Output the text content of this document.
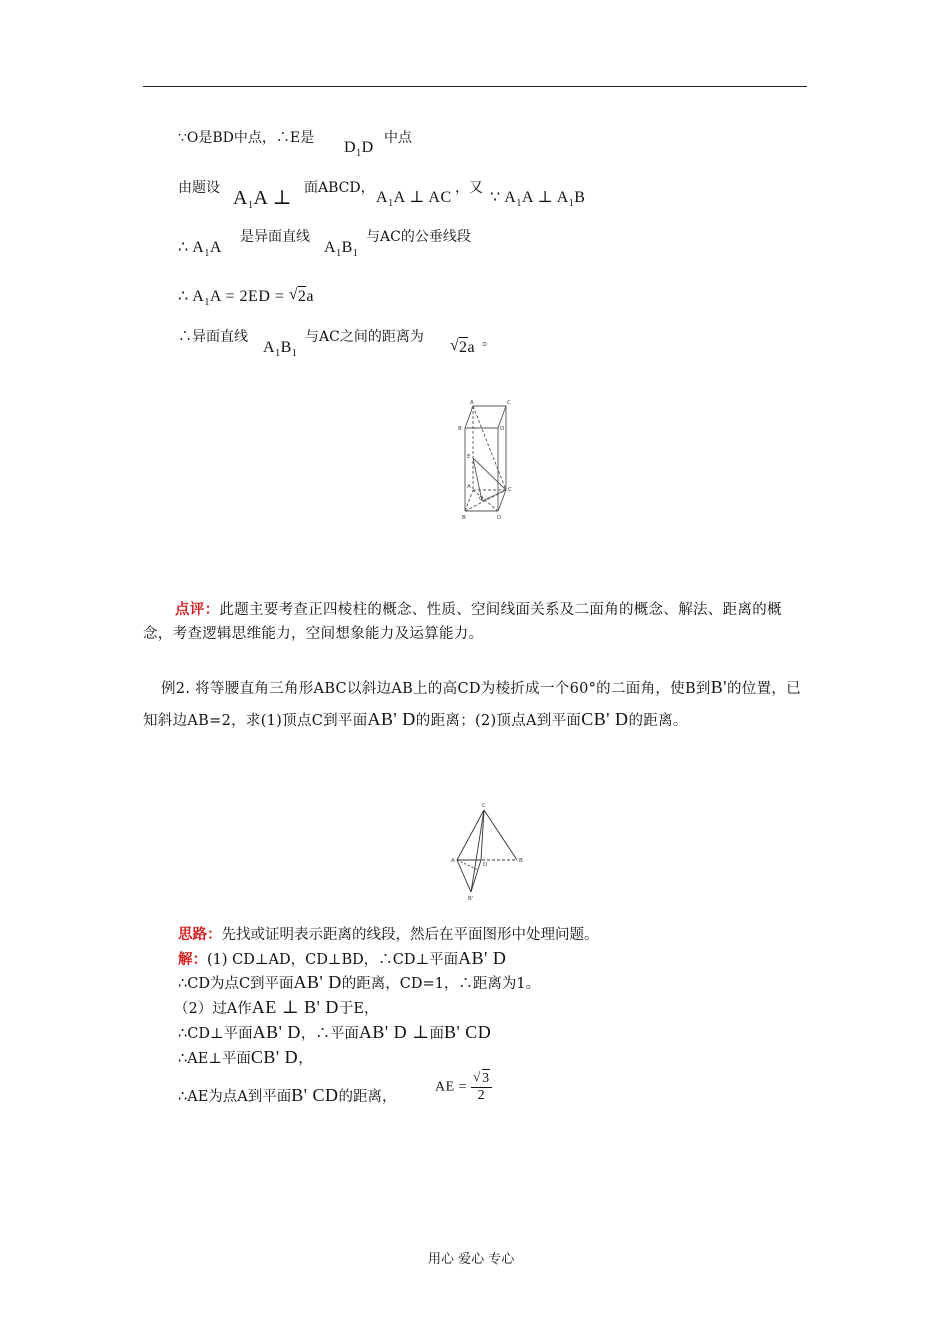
∵O是BD中点，∴E是
$D_1D$
中点
由题设 $A_1A$ ⊥ 面ABCD，
$A_1A$ ⊥ AC
，又
∵ $A_1A$ ⊥ $A_1B$
∴ $A_1A$
是异面直线
$A_1B_1$
与AC的公垂线段
∴ $A_1A = 2ED$ = √ 2a
∴异面直线
$A_1B_1$
与AC之间的距离为 √ 2a 。
A
B
C
D
E
O
A
B
C
D
点评：此题主要考查正四棱柱的概念、性质、空间线面关系及二面角的概念、解法、距离的概念，考查逻辑思维能力，空间想象能力及运算能力。
例2. 将等腰直角三角形ABC以斜边AB上的高CD为棱折成一个60°的二面角，使B到B'的位置，已知斜边AB=2，求(1)顶点C到平面AB' D的距离；(2)顶点A到平面CB' D的距离。
C
A
D
B
B'
思路：先找或证明表示距离的线段，然后在平面图形中处理问题。
解：(1) CD⊥AD，CD⊥BD，∴CD⊥平面AB' D
∴CD为点C到平面AB' D的距离，CD=1，∴距离为1。
（2）过A作AE ⊥ B' D于E，
∴CD⊥平面AB' D，∴平面AB' D ⊥面B' CD
∴AE⊥平面CB' D，
∴AE为点A到平面B' CD的距离，
AE = $\frac{√ 3}{2}$
用心 爱心 专心
